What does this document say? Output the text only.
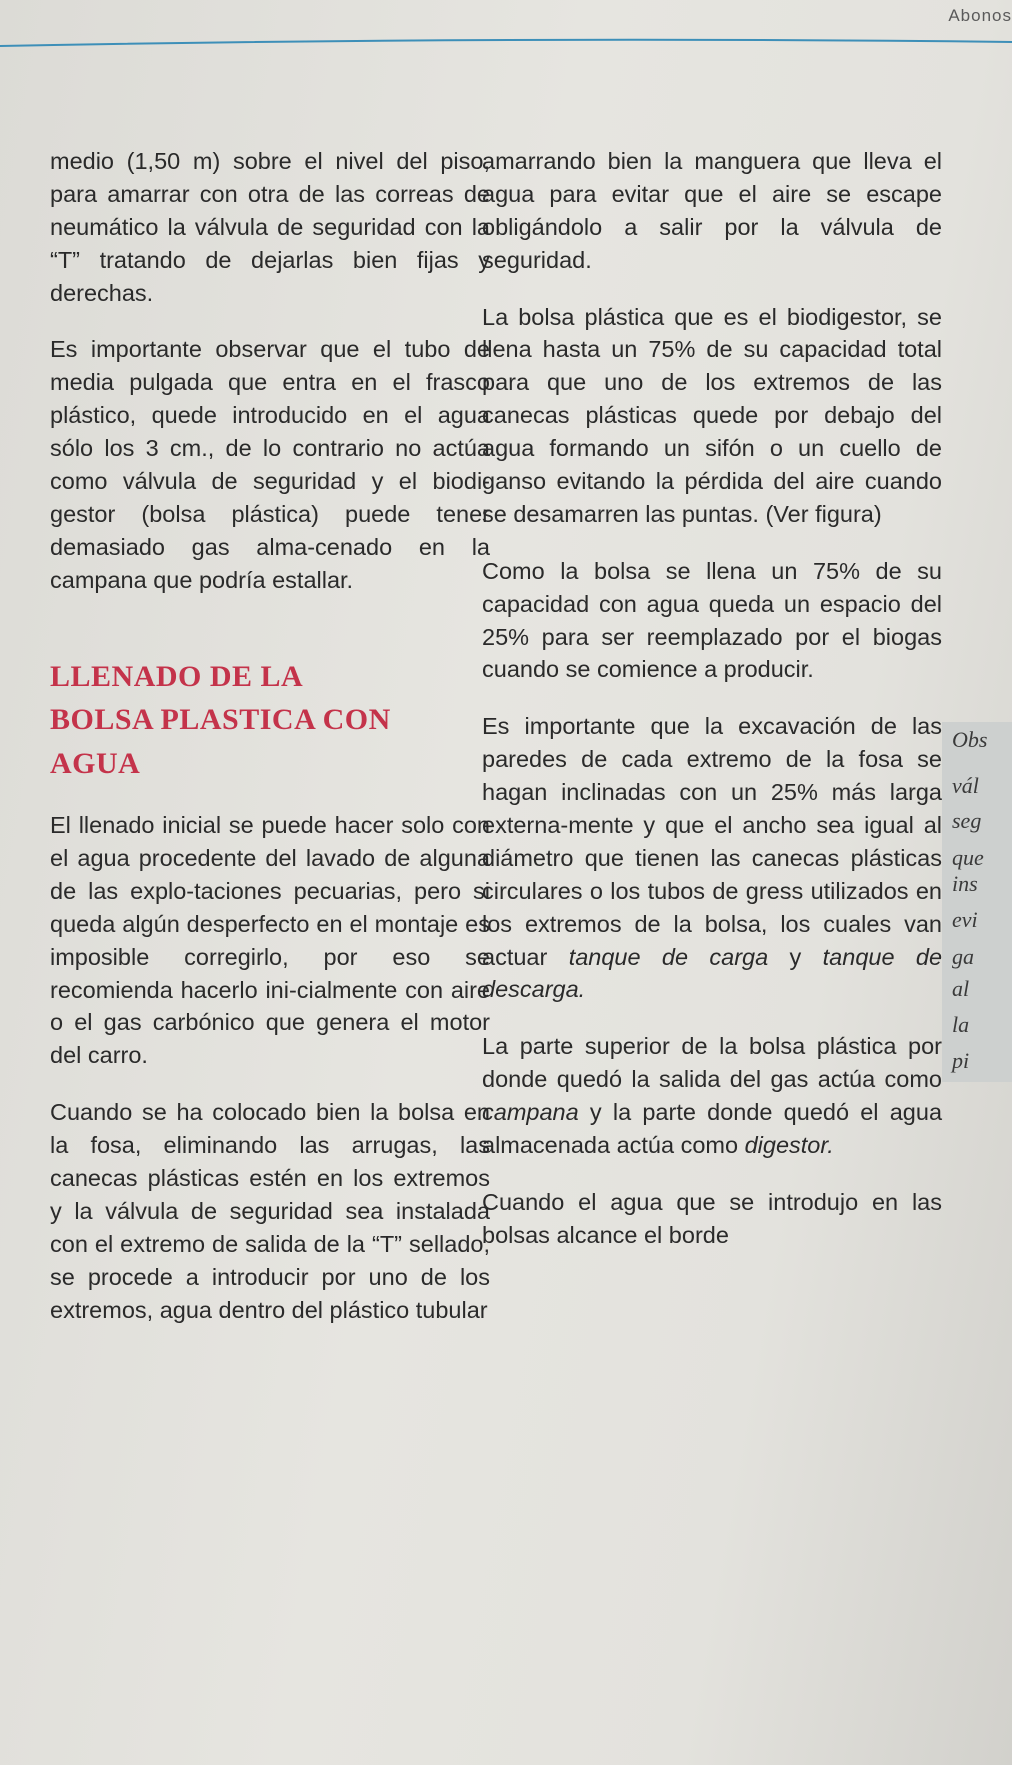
Abonos

medio (1,50 m) sobre el nivel del piso, para amarrar con otra de las correas de neumático la válvula de seguridad con la “T” tratando de dejarlas bien fijas y derechas.

Es importante observar que el tubo de media pulgada que entra en el frasco plástico, quede introducido en el agua sólo los 3 cm., de lo contrario no actúa como válvula de seguridad y el biodi-gestor (bolsa plástica) puede tener demasiado gas alma-cenado en la campana que podría estallar.

LLENADO DE LA
BOLSA PLASTICA CON
AGUA

El llenado inicial se puede hacer solo con el agua procedente del lavado de alguna de las explo-taciones pecuarias, pero si queda algún desperfecto en el montaje es imposible corregirlo, por eso se recomienda hacerlo ini-cialmente con aire o el gas carbónico que genera el motor del carro.

Cuando se ha colocado bien la bolsa en la fosa, eliminando las arrugas, las canecas plásticas estén en los extremos y la válvula de seguridad sea instalada con el extremo de salida de la “T” sellado, se procede a introducir por uno de los extremos, agua dentro del plástico tubular

amarrando bien la manguera que lleva el agua para evitar que el aire se escape obligándolo a salir por la válvula de seguridad.

La bolsa plástica que es el biodigestor, se llena hasta un 75% de su capacidad total para que uno de los extremos de las canecas plásticas quede por debajo del agua formando un sifón o un cuello de ganso evitando la pérdida del aire cuando se desamarren las puntas. (Ver figura)

Como la bolsa se llena un 75% de su capacidad con agua queda un espacio del 25% para ser reemplazado por el biogas cuando se comience a producir.

Es importante que la excavación de las paredes de cada extremo de la fosa se hagan inclinadas con un 25% más larga externa-mente y que el ancho sea igual al diámetro que tienen las canecas plásticas circulares o los tubos de gress utilizados en los extremos de la bolsa, los cuales van actuar tanque de carga y tanque de descarga.

La parte superior de la bolsa plástica por donde quedó la salida del gas actúa como campana y la parte donde quedó el agua almacenada actúa como digestor.

Cuando el agua que se introdujo en las bolsas alcance el borde

Obs
vál
seg
que
ins
evi
ga
al
la
pi
